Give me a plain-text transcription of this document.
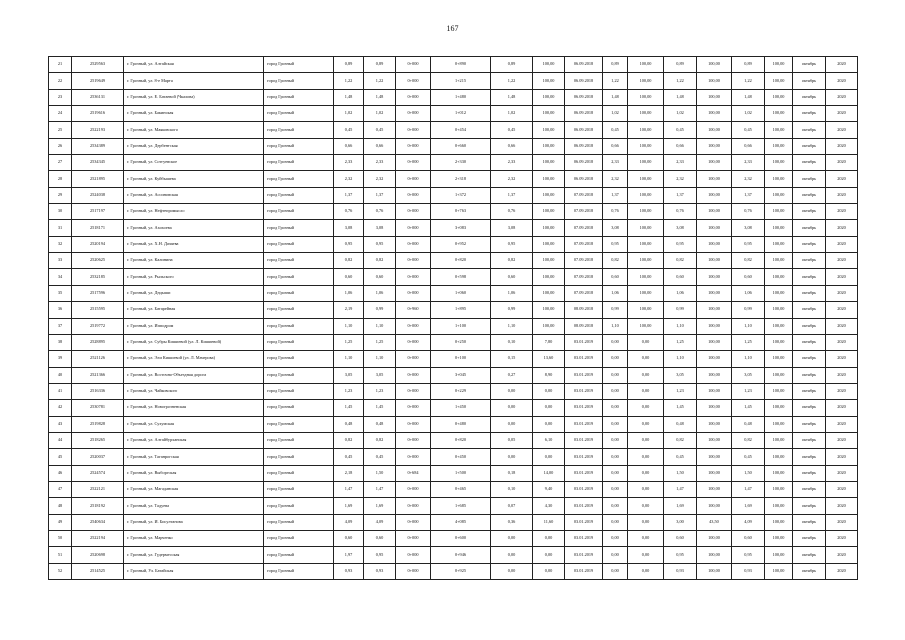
167
21	2529563	г. Грозный, ул. Алтайская	город Грозный	0,89	0,89	0+000	0+890	0,89	100,00	06.09.2018	0,89	100,00	0,89	100,00	0,89	100,00	октябрь	2020
22	2519649	г. Грозный, ул. 8-е Марта	город Грозный	1,22	1,22	0+000	1+215	1,22	100,00	06.09.2018	1,22	100,00	1,22	100,00	1,22	100,00	октябрь	2020
23	2536131	г. Грозный, ул. Е. Батаевой (Чкалова)	город Грозный	1,48	1,48	0+000	1+480	1,48	100,00	06.09.2018	1,48	100,00	1,48	100,00	1,48	100,00	октябрь	2020
24	2519616	г. Грозный, ул. Бакинская	город Грозный	1,02	1,02	0+000	1+012	1,02	100,00	06.09.2018	1,02	100,00	1,02	100,00	1,02	100,00	октябрь	2020
25	2522193	г. Грозный, ул. Маяковского	город Грозный	0,45	0,45	0+000	0+454	0,45	100,00	06.09.2018	0,45	100,00	0,45	100,00	0,45	100,00	октябрь	2020
26	2534389	г. Грозный, ул. Дербентская	город Грозный	0,66	0,66	0+000	0+660	0,66	100,00	06.09.2018	0,66	100,00	0,66	100,00	0,66	100,00	октябрь	2020
27	2534345	г. Грозный, ул. Сотгуевское	город Грозный	2,33	2,33	0+000	2+330	2,33	100,00	06.09.2018	2,33	100,00	2,33	100,00	2,33	100,00	октябрь	2020
28	2521895	г. Грозный, ул. Куйбышева	город Грозный	2,32	2,32	0+000	2+318	2,32	100,00	06.09.2018	2,32	100,00	2,32	100,00	2,32	100,00	октябрь	2020
29	2524038	г. Грозный, ул. Ассиновская	город Грозный	1,37	1,37	0+000	1+372	1,37	100,00	07.09.2018	1,37	100,00	1,37	100,00	1,37	100,00	октябрь	2020
30	2517197	г. Грозный, ул. Нефтепромысло	город Грозный	0,76	0,76	0+000	0+763	0,76	100,00	07.09.2018	0,76	100,00	0,76	100,00	0,76	100,00	октябрь	2020
31	2518171	г. Грозный, ул. Ахохоева	город Грозный	3,08	3,08	0+000	3+083	3,08	100,00	07.09.2018	3,08	100,00	3,08	100,00	3,08	100,00	октябрь	2020
32	2520194	г. Грозный, ул. Х.Н. Дачаева	город Грозный	0,95	0,95	0+000	0+952	0,95	100,00	07.09.2018	0,95	100,00	0,95	100,00	0,95	100,00	октябрь	2020
33	2520625	г. Грозный, ул. Калинина	город Грозный	0,82	0,82	0+000	0+820	0,82	100,00	07.09.2018	0,82	100,00	0,82	100,00	0,82	100,00	октябрь	2020
34	2532185	г. Грозный, ул. Рыльского	город Грозный	0,60	0,60	0+000	0+598	0,60	100,00	07.09.2018	0,60	100,00	0,60	100,00	0,60	100,00	октябрь	2020
35	2517596	г. Грозный, ул. Дндыши	город Грозный	1,06	1,06	0+000	1+060	1,06	100,00	07.09.2018	1,06	100,00	1,06	100,00	1,06	100,00	октябрь	2020
36	2515595	г. Грозный, ул. Батарейная	город Грозный	2,19	0,99	0+960	1+895	0,99	100,00	08.09.2018	0,99	100,00	0,99	100,00	0,99	100,00	октябрь	2020
37	2519772	г. Грозный, ул. Ипподром	город Грозный	1,10	1,10	0+000	1+100	1,10	100,00	08.09.2018	1,10	100,00	1,10	100,00	1,10	100,00	октябрь	2020
38	2528895	г. Грозный, ул. Субры Кишиевой (ул. Л. Кишиевой)	город Грозный	1,25	1,25	0+000	0+250	0,10	7,80	03.01.2019	0,00	0,00	1,25	100,00	1,25	100,00	октябрь	2020
39	2521126	г. Грозный, ул. Эли Кишиевой (ул. Л. Мачерова)	город Грозный	1,10	1,10	0+000	0+100	0,15	13,60	03.01.2019	0,00	0,00	1,10	100,00	1,10	100,00	октябрь	2020
40	2521366	г. Грозный, ул. Восточно-Объездная дорога	город Грозный	3,05	3,05	0+000	3+045	0,27	8,90	03.01.2019	0,00	0,00	3,05	100,00	3,05	100,00	октябрь	2020
41	2516336	г. Грозный, ул. Чайковского	город Грозный	1,23	1,23	0+000	0+229	0,00	0,00	03.01.2019	0,00	0,00	1,23	100,00	1,23	100,00	октябрь	2020
42	2530781	г. Грозный, ул. Новогрозненская	город Грозный	1,45	1,45	0+000	1+450	0,00	0,00	03.01.2019	0,00	0,00	1,45	100,00	1,45	100,00	октябрь	2020
43	2519828	г. Грозный, ул. Сухумская	город Грозный	0,48	0,48	0+000	0+480	0,00	0,00	03.01.2019	0,00	0,00	0,48	100,00	0,48	100,00	октябрь	2020
44	2518265	г. Грозный, ул. Алтайбурханская	город Грозный	0,82	0,82	0+000	0+820	0,05	6,10	03.01.2019	0,00	0,00	0,82	100,00	0,82	100,00	октябрь	2020
45	2520037	г. Грозный, ул. Таганрогская	город Грозный	0,45	0,45	0+000	0+450	0,00	0,00	03.01.2019	0,00	0,00	0,45	100,00	0,45	100,00	октябрь	2020
46	2524574	г. Грозный, ул. Выборгская	город Грозный	2,18	1,50	0+684	1+500	0,18	14,00	03.01.2019	0,00	0,00	1,50	100,00	1,50	100,00	октябрь	2020
47	2522121	г. Грозный, ул. Магаданская	город Грозный	1,47	1,47	0+000	0+465	0,10	9,40	03.01.2019	0,00	0,00	1,47	100,00	1,47	100,00	октябрь	2020
48	2518192	г. Грозный, ул. Тадуева	город Грозный	1,69	1,69	0+000	1+685	0,07	4,30	03.01.2019	0,00	0,00	1,69	100,00	1,69	100,00	октябрь	2020
49	2540634	г. Грозный, ул. И. Бисултанова	город Грозный	4,09	4,09	0+000	4+085	0,36	11,60	03.01.2019	0,00	0,00	3,00	43,50	4,09	100,00	октябрь	2020
50	2522194	г. Грозный, ул. Марченко	город Грозный	0,60	0,60	0+000	0+600	0,00	0,00	03.01.2019	0,00	0,00	0,60	100,00	0,60	100,00	октябрь	2020
51	2520698	г. Грозный, ул. Гудермесская	город Грозный	1,97	0,95	0+000	0+946	0,00	0,00	03.01.2019	0,00	0,00	0,95	100,00	0,95	100,00	октябрь	2020
52	2514525	г. Грозный, Ул. Батайская	город Грозный	0,93	0,93	0+000	0+925	0,00	0,00	03.01.2019	0,00	0,00	0,93	100,00	0,93	100,00	октябрь	2020
